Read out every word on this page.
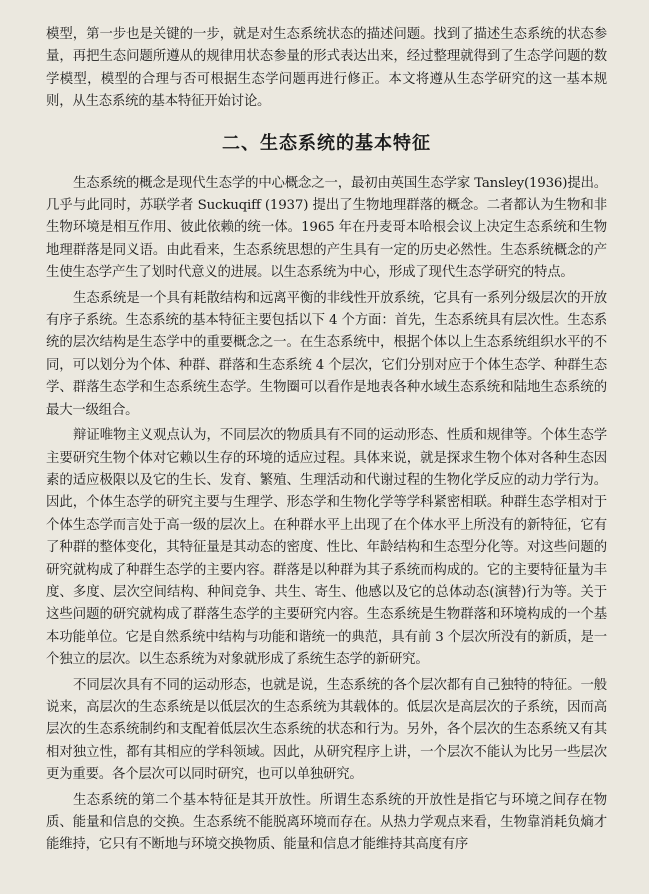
模型，第一步也是关键的一步，就是对生态系统状态的描述问题。找到了描述生态系统的状态参量，再把生态问题所遵从的规律用状态参量的形式表达出来，经过整理就得到了生态学问题的数学模型，模型的合理与否可根据生态学问题再进行修正。本文将遵从生态学研究的这一基本规则，从生态系统的基本特征开始讨论。

二、生态系统的基本特征

生态系统的概念是现代生态学的中心概念之一，最初由英国生态学家 Tansley(1936)提出。几乎与此同时，苏联学者 Suckuqiff (1937) 提出了生物地理群落的概念。二者都认为生物和非生物环境是相互作用、彼此依赖的统一体。1965 年在丹麦哥本哈根会议上决定生态系统和生物地理群落是同义语。由此看来，生态系统思想的产生具有一定的历史必然性。生态系统概念的产生使生态学产生了划时代意义的进展。以生态系统为中心，形成了现代生态学研究的特点。

生态系统是一个具有耗散结构和远离平衡的非线性开放系统，它具有一系列分级层次的开放有序子系统。生态系统的基本特征主要包括以下 4 个方面：首先，生态系统具有层次性。生态系统的层次结构是生态学中的重要概念之一。在生态系统中，根据个体以上生态系统组织水平的不同，可以划分为个体、种群、群落和生态系统 4 个层次，它们分别对应于个体生态学、种群生态学、群落生态学和生态系统生态学。生物圈可以看作是地表各种水域生态系统和陆地生态系统的最大一级组合。

辩证唯物主义观点认为，不同层次的物质具有不同的运动形态、性质和规律等。个体生态学主要研究生物个体对它赖以生存的环境的适应过程。具体来说，就是探求生物个体对各种生态因素的适应极限以及它的生长、发育、繁殖、生理活动和代谢过程的生物化学反应的动力学行为。因此，个体生态学的研究主要与生理学、形态学和生物化学等学科紧密相联。种群生态学相对于个体生态学而言处于高一级的层次上。在种群水平上出现了在个体水平上所没有的新特征，它有了种群的整体变化，其特征量是其动态的密度、性比、年龄结构和生态型分化等。对这些问题的研究就构成了种群生态学的主要内容。群落是以种群为其子系统而构成的。它的主要特征量为丰度、多度、层次空间结构、种间竞争、共生、寄生、他感以及它的总体动态(演替)行为等。关于这些问题的研究就构成了群落生态学的主要研究内容。生态系统是生物群落和环境构成的一个基本功能单位。它是自然系统中结构与功能和谐统一的典范，具有前 3 个层次所没有的新质，是一个独立的层次。以生态系统为对象就形成了系统生态学的新研究。

不同层次具有不同的运动形态，也就是说，生态系统的各个层次都有自己独特的特征。一般说来，高层次的生态系统是以低层次的生态系统为其载体的。低层次是高层次的子系统，因而高层次的生态系统制约和支配着低层次生态系统的状态和行为。另外，各个层次的生态系统又有其相对独立性，都有其相应的学科领域。因此，从研究程序上讲，一个层次不能认为比另一些层次更为重要。各个层次可以同时研究，也可以单独研究。

生态系统的第二个基本特征是其开放性。所谓生态系统的开放性是指它与环境之间存在物质、能量和信息的交换。生态系统不能脱离环境而存在。从热力学观点来看，生物靠消耗负熵才能维持，它只有不断地与环境交换物质、能量和信息才能维持其高度有序
